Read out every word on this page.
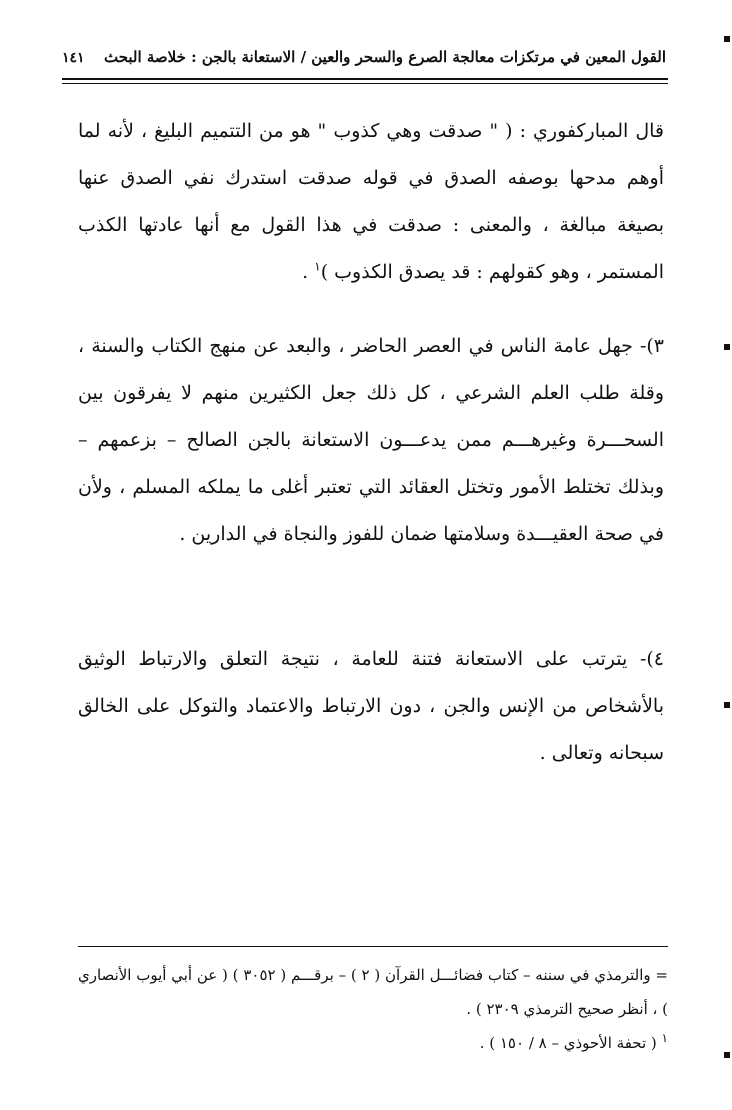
القول المعين في مرتكزات معالجة الصرع والسحر والعين / الاستعانة بالجن : خلاصة البحث
١٤١
قال المباركفوري : ( " صدقت وهي كذوب " هو من التتميم البليغ ، لأنه لما أوهم مدحها بوصفه الصدق في قوله صدقت استدرك نفي الصدق عنها بصيغة مبالغة ، والمعنى : صدقت في هذا القول مع أنها عادتها الكذب المستمر ، وهو كقولهم : قد يصدق الكذوب )$^١$ .
٣)- جهل عامة الناس في العصر الحاضر ، والبعد عن منهج الكتاب والسنة ، وقلة طلب العلم الشرعي ، كل ذلك جعل الكثيرين منهم لا يفرقون بين السحـــرة وغيرهـــم ممن يدعـــون الاستعانة بالجن الصالح – بزعمهم – وبذلك تختلط الأمور وتختل العقائد التي تعتبر أغلى ما يملكه المسلم ، ولأن في صحة العقيـــدة وسلامتها ضمان للفوز والنجاة في الدارين .
٤)- يترتب على الاستعانة فتنة للعامة ، نتيجة التعلق والارتباط الوثيق بالأشخاص من الإنس والجن ، دون الارتباط والاعتماد والتوكل على الخالق سبحانه وتعالى .

= والترمذي في سننه – كتاب فضائـــل القرآن ( ٢ ) – برقـــم ( ٣٠٥٢ ) ( عن أبي أيوب الأنصاري ) ، أنظر صحيح الترمذي ٢٣٠٩ ) .

$^١$ ( تحفة الأحوذي – ٨ / ١٥٠ ) .
